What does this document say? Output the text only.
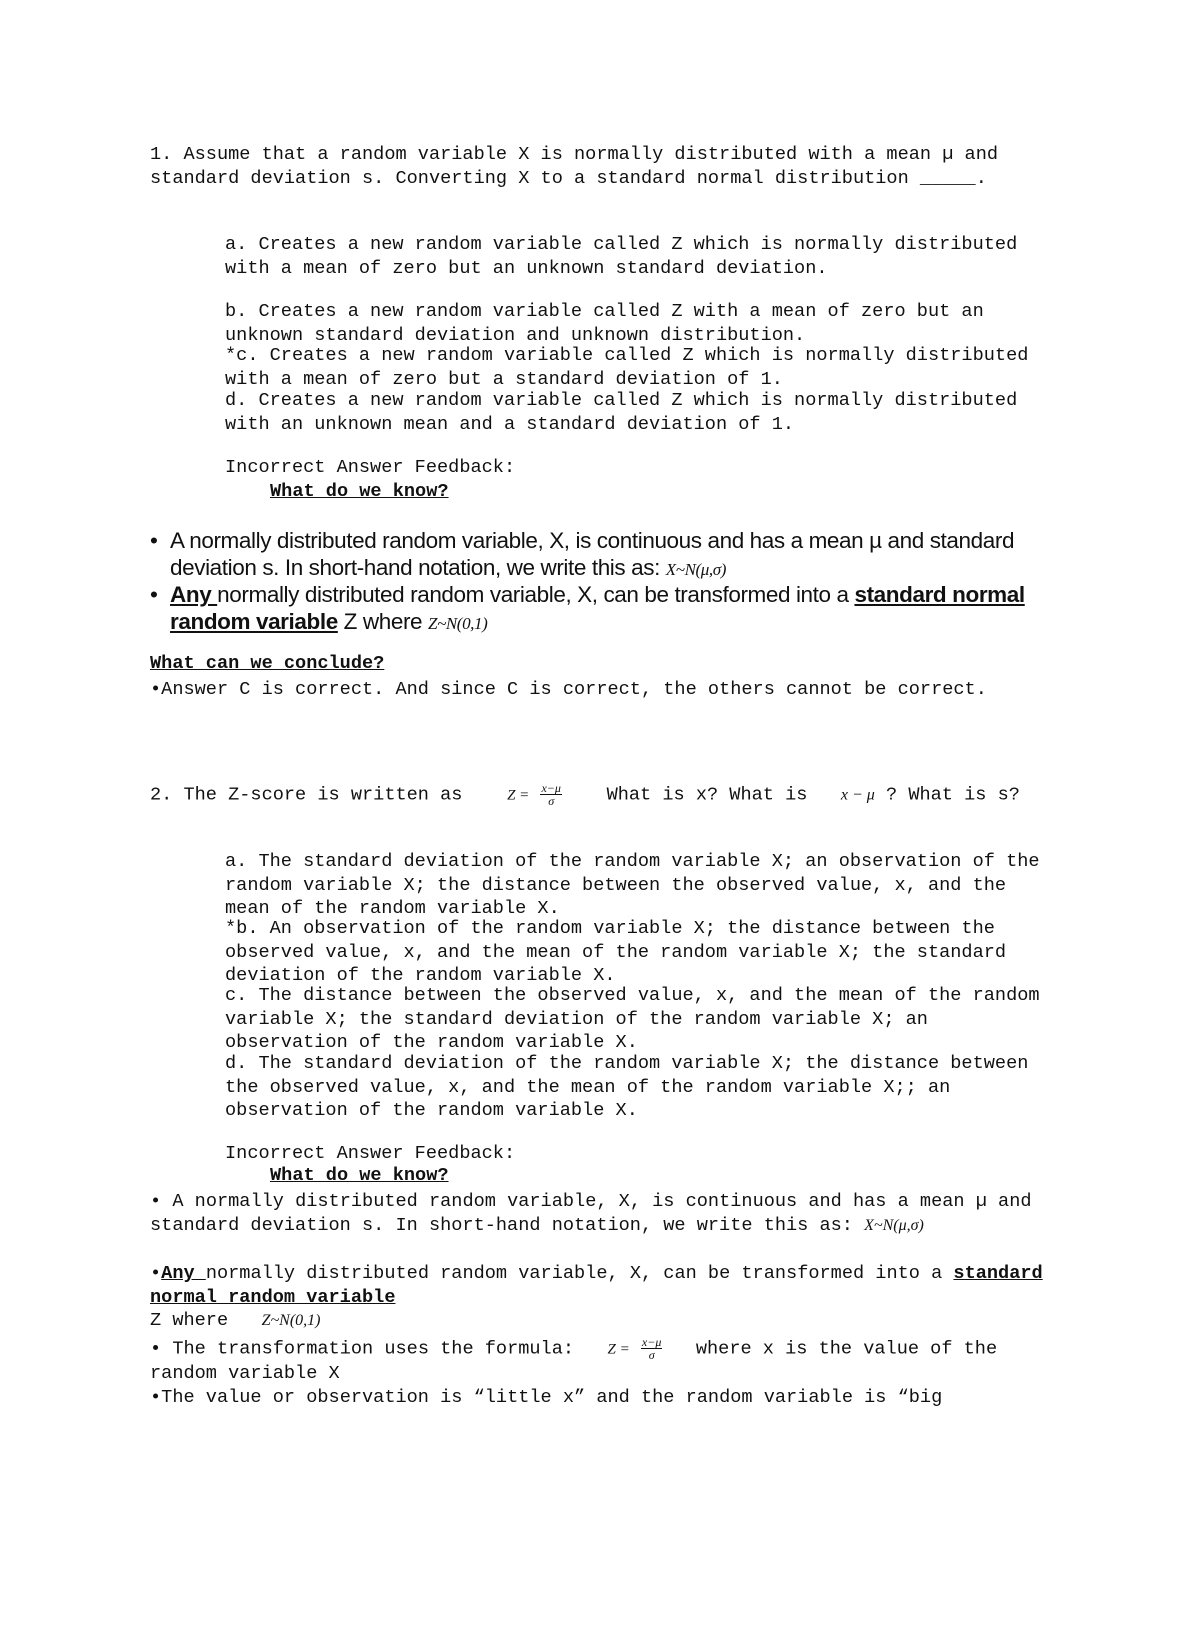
1. Assume that a random variable X is normally distributed with a mean µ and standard deviation s. Converting X to a standard normal distribution _____.
a. Creates a new random variable called Z which is normally distributed with a mean of zero but an unknown standard deviation.
b. Creates a new random variable called Z with a mean of zero but an unknown standard deviation and unknown distribution.
*c. Creates a new random variable called Z which is normally distributed with a mean of zero but a standard deviation of 1.
d. Creates a new random variable called Z which is normally distributed with an unknown mean and a standard deviation of 1.
Incorrect Answer Feedback:
What do we know?
• A normally distributed random variable, X, is continuous and has a mean µ and standard deviation s. In short-hand notation, we write this as: X~N(μ,σ)
• Any normally distributed random variable, X, can be transformed into a standard normal random variable Z where Z~N(0,1)
What can we conclude?
•Answer C is correct. And since C is correct, the others cannot be correct.
2. The Z-score is written as	$Z = \frac{x-\mu}{\sigma}$ What is x? What is x − μ ? What is s?
a. The standard deviation of the random variable X; an observation of the random variable X; the distance between the observed value, x, and the mean of the random variable X.
*b. An observation of the random variable X; the distance between the observed value, x, and the mean of the random variable X; the standard deviation of the random variable X.
c. The distance between the observed value, x, and the mean of the random variable X; the standard deviation of the random variable X; an observation of the random variable X.
d. The standard deviation of the random variable X; the distance between the observed value, x, and the mean of the random variable X;; an observation of the random variable X.
Incorrect Answer Feedback:
What do we know?
• A normally distributed random variable, X, is continuous and has a mean µ and standard deviation s. In short-hand notation, we write this as: X~N(μ,σ)
•Any normally distributed random variable, X, can be transformed into a standard normal random variable
Z where Z~N(0,1)
• The transformation uses the formula: $Z = \frac{x-\mu}{\sigma}$ where x is the value of the random variable X
•The value or observation is “little x” and the random variable is “big
